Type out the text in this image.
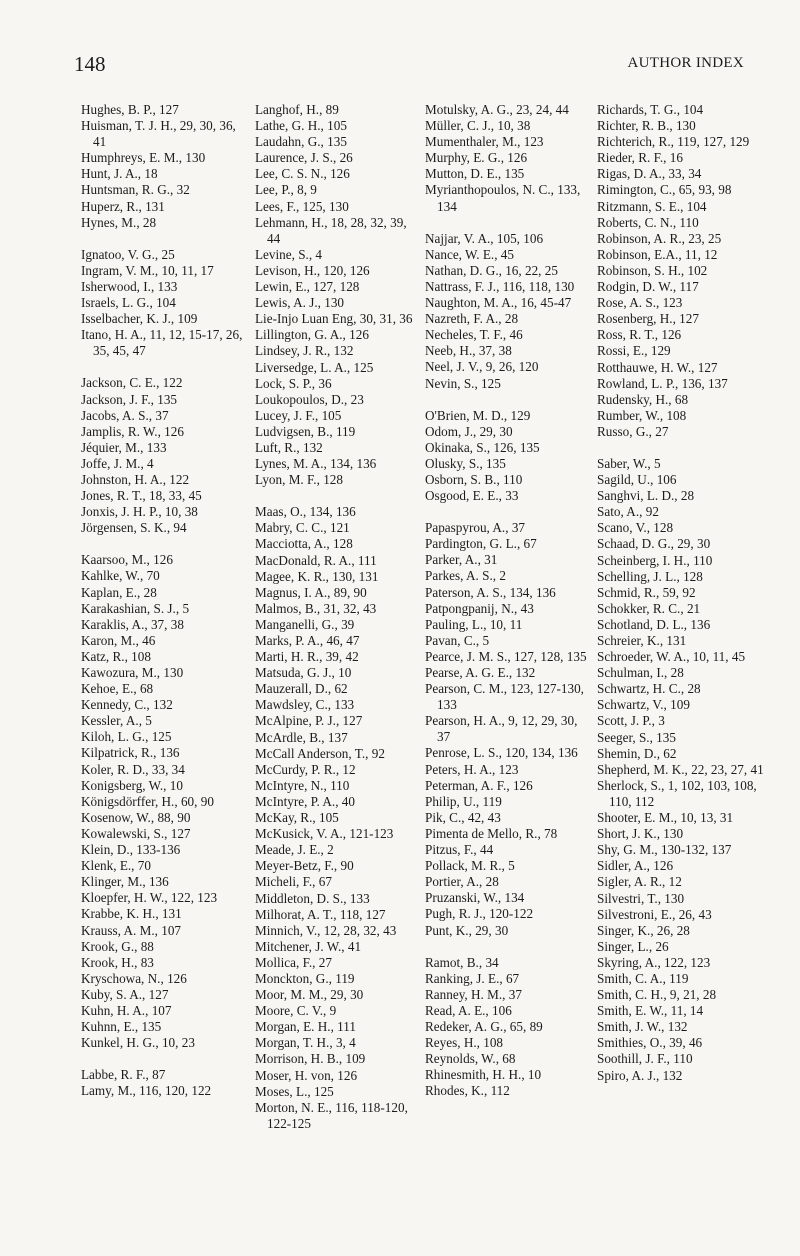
148	AUTHOR INDEX
Hughes, B. P., 127
Huisman, T. J. H., 29, 30, 36, 41
Humphreys, E. M., 130
Hunt, J. A., 18
Huntsman, R. G., 32
Huperz, R., 131
Hynes, M., 28
Ignatoo, V. G., 25
Ingram, V. M., 10, 11, 17
Isherwood, I., 133
Israels, L. G., 104
Isselbacher, K. J., 109
Itano, H. A., 11, 12, 15-17, 26, 35, 45, 47
Jackson, C. E., 122
Jackson, J. F., 135
Jacobs, A. S., 37
Jamplis, R. W., 126
Jéquier, M., 133
Joffe, J. M., 4
Johnston, H. A., 122
Jones, R. T., 18, 33, 45
Jonxis, J. H. P., 10, 38
Jörgensen, S. K., 94
Kaarsoo, M., 126
Kahlke, W., 70
Kaplan, E., 28
Karakashian, S. J., 5
Karaklis, A., 37, 38
Karon, M., 46
Katz, R., 108
Kawozura, M., 130
Kehoe, E., 68
Kennedy, C., 132
Kessler, A., 5
Kiloh, L. G., 125
Kilpatrick, R., 136
Koler, R. D., 33, 34
Konigsberg, W., 10
Königsdörffer, H., 60, 90
Kosenow, W., 88, 90
Kowalewski, S., 127
Klein, D., 133-136
Klenk, E., 70
Klinger, M., 136
Kloepfer, H. W., 122, 123
Krabbe, K. H., 131
Krauss, A. M., 107
Krook, G., 88
Krook, H., 83
Kryschowa, N., 126
Kuby, S. A., 127
Kuhn, H. A., 107
Kuhnn, E., 135
Kunkel, H. G., 10, 23
Labbe, R. F., 87
Lamy, M., 116, 120, 122
Langhof, H., 89
Lathe, G. H., 105
Laudahn, G., 135
Laurence, J. S., 26
Lee, C. S. N., 126
Lee, P., 8, 9
Lees, F., 125, 130
Lehmann, H., 18, 28, 32, 39, 44
Levine, S., 4
Levison, H., 120, 126
Lewin, E., 127, 128
Lewis, A. J., 130
Lie-Injo Luan Eng, 30, 31, 36
Lillington, G. A., 126
Lindsey, J. R., 132
Liversedge, L. A., 125
Lock, S. P., 36
Loukopoulos, D., 23
Lucey, J. F., 105
Ludvigsen, B., 119
Luft, R., 132
Lynes, M. A., 134, 136
Lyon, M. F., 128
Maas, O., 134, 136
Mabry, C. C., 121
Macciotta, A., 128
MacDonald, R. A., 111
Magee, K. R., 130, 131
Magnus, I. A., 89, 90
Malmos, B., 31, 32, 43
Manganelli, G., 39
Marks, P. A., 46, 47
Marti, H. R., 39, 42
Matsuda, G. J., 10
Mauzerall, D., 62
Mawdsley, C., 133
McAlpine, P. J., 127
McArdle, B., 137
McCall Anderson, T., 92
McCurdy, P. R., 12
McIntyre, N., 110
McIntyre, P. A., 40
McKay, R., 105
McKusick, V. A., 121-123
Meade, J. E., 2
Meyer-Betz, F., 90
Micheli, F., 67
Middleton, D. S., 133
Milhorat, A. T., 118, 127
Minnich, V., 12, 28, 32, 43
Mitchener, J. W., 41
Mollica, F., 27
Monckton, G., 119
Moor, M. M., 29, 30
Moore, C. V., 9
Morgan, E. H., 111
Morgan, T. H., 3, 4
Morrison, H. B., 109
Moser, H. von, 126
Moses, L., 125
Morton, N. E., 116, 118-120, 122-125
Motulsky, A. G., 23, 24, 44
Müller, C. J., 10, 38
Mumenthaler, M., 123
Murphy, E. G., 126
Mutton, D. E., 135
Myrianthopoulos, N. C., 133, 134
Najjar, V. A., 105, 106
Nance, W. E., 45
Nathan, D. G., 16, 22, 25
Nattrass, F. J., 116, 118, 130
Naughton, M. A., 16, 45-47
Nazreth, F. A., 28
Necheles, T. F., 46
Neeb, H., 37, 38
Neel, J. V., 9, 26, 120
Nevin, S., 125
O'Brien, M. D., 129
Odom, J., 29, 30
Okinaka, S., 126, 135
Olusky, S., 135
Osborn, S. B., 110
Osgood, E. E., 33
Papaspyrou, A., 37
Pardington, G. L., 67
Parker, A., 31
Parkes, A. S., 2
Paterson, A. S., 134, 136
Patpongpanij, N., 43
Pauling, L., 10, 11
Pavan, C., 5
Pearce, J. M. S., 127, 128, 135
Pearse, A. G. E., 132
Pearson, C. M., 123, 127-130, 133
Pearson, H. A., 9, 12, 29, 30, 37
Penrose, L. S., 120, 134, 136
Peters, H. A., 123
Peterman, A. F., 126
Philip, U., 119
Pik, C., 42, 43
Pimenta de Mello, R., 78
Pitzus, F., 44
Pollack, M. R., 5
Portier, A., 28
Pruzanski, W., 134
Pugh, R. J., 120-122
Punt, K., 29, 30
Ramot, B., 34
Ranking, J. E., 67
Ranney, H. M., 37
Read, A. E., 106
Redeker, A. G., 65, 89
Reyes, H., 108
Reynolds, W., 68
Rhinesmith, H. H., 10
Rhodes, K., 112
Richards, T. G., 104
Richter, R. B., 130
Richterich, R., 119, 127, 129
Rieder, R. F., 16
Rigas, D. A., 33, 34
Rimington, C., 65, 93, 98
Ritzmann, S. E., 104
Roberts, C. N., 110
Robinson, A. R., 23, 25
Robinson, E.A., 11, 12
Robinson, S. H., 102
Rodgin, D. W., 117
Rose, A. S., 123
Rosenberg, H., 127
Ross, R. T., 126
Rossi, E., 129
Rotthauwe, H. W., 127
Rowland, L. P., 136, 137
Rudensky, H., 68
Rumber, W., 108
Russo, G., 27
Saber, W., 5
Sagild, U., 106
Sanghvi, L. D., 28
Sato, A., 92
Scano, V., 128
Schaad, D. G., 29, 30
Scheinberg, I. H., 110
Schelling, J. L., 128
Schmid, R., 59, 92
Schokker, R. C., 21
Schotland, D. L., 136
Schreier, K., 131
Schroeder, W. A., 10, 11, 45
Schulman, I., 28
Schwartz, H. C., 28
Schwartz, V., 109
Scott, J. P., 3
Seeger, S., 135
Shemin, D., 62
Shepherd, M. K., 22, 23, 27, 41
Sherlock, S., 1, 102, 103, 108, 110, 112
Shooter, E. M., 10, 13, 31
Short, J. K., 130
Shy, G. M., 130-132, 137
Sidler, A., 126
Sigler, A. R., 12
Silvestri, T., 130
Silvestroni, E., 26, 43
Singer, K., 26, 28
Singer, L., 26
Skyring, A., 122, 123
Smith, C. A., 119
Smith, C. H., 9, 21, 28
Smith, E. W., 11, 14
Smith, J. W., 132
Smithies, O., 39, 46
Soothill, J. F., 110
Spiro, A. J., 132
